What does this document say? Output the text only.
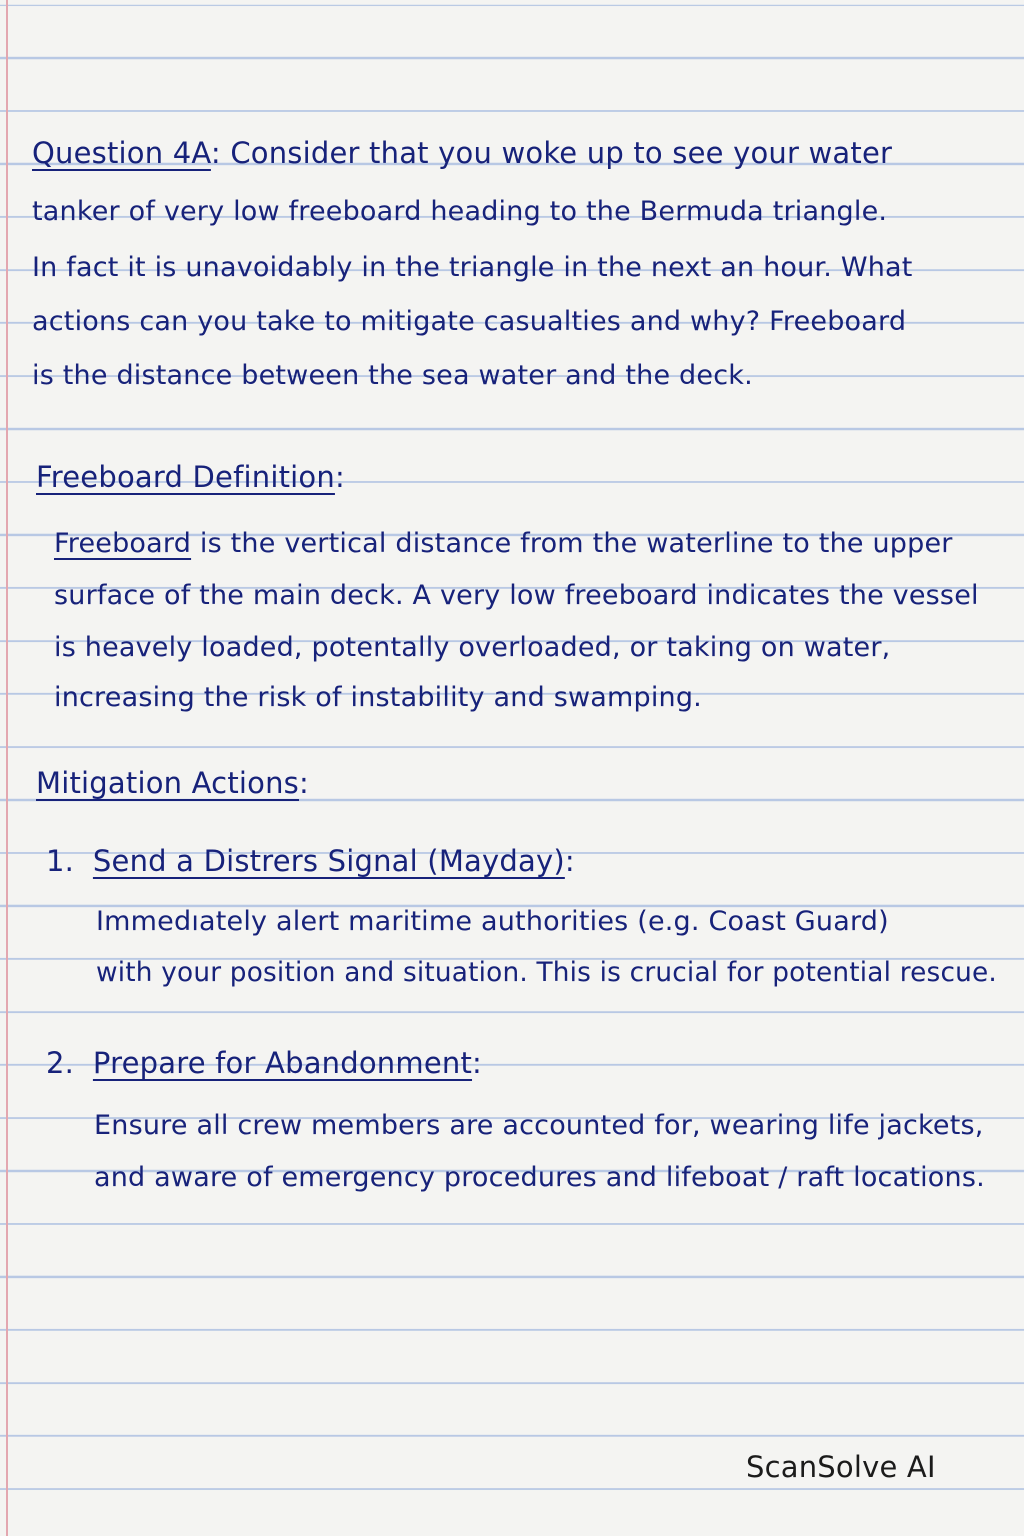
Question 4A: Consider that you woke up to see your water
tanker of very low freeboard heading to the Bermuda triangle.
In fact it is unavoidably in the triangle in the next an hour. What
actions can you take to mitigate casualties and why? Freeboard
is the distance between the sea water and the deck.
Freeboard Definition:
Freeboard is the vertical distance from the waterline to the upper
surface of the main deck. A very low freeboard indicates the vessel
is heavely loaded, potentally overloaded, or taking on water,
increasing the risk of instability and swamping.
Mitigation Actions:
1. Send a Distrers Signal (Mayday):
Immedıately alert maritime authorities (e.g. Coast Guard)
with your position and situation. This is crucial for potential rescue.
2. Prepare for Abandonment:
Ensure all crew members are accounted for, wearing life jackets,
and aware of emergency procedures and lifeboat / raft locations.
ScanSolve AI
